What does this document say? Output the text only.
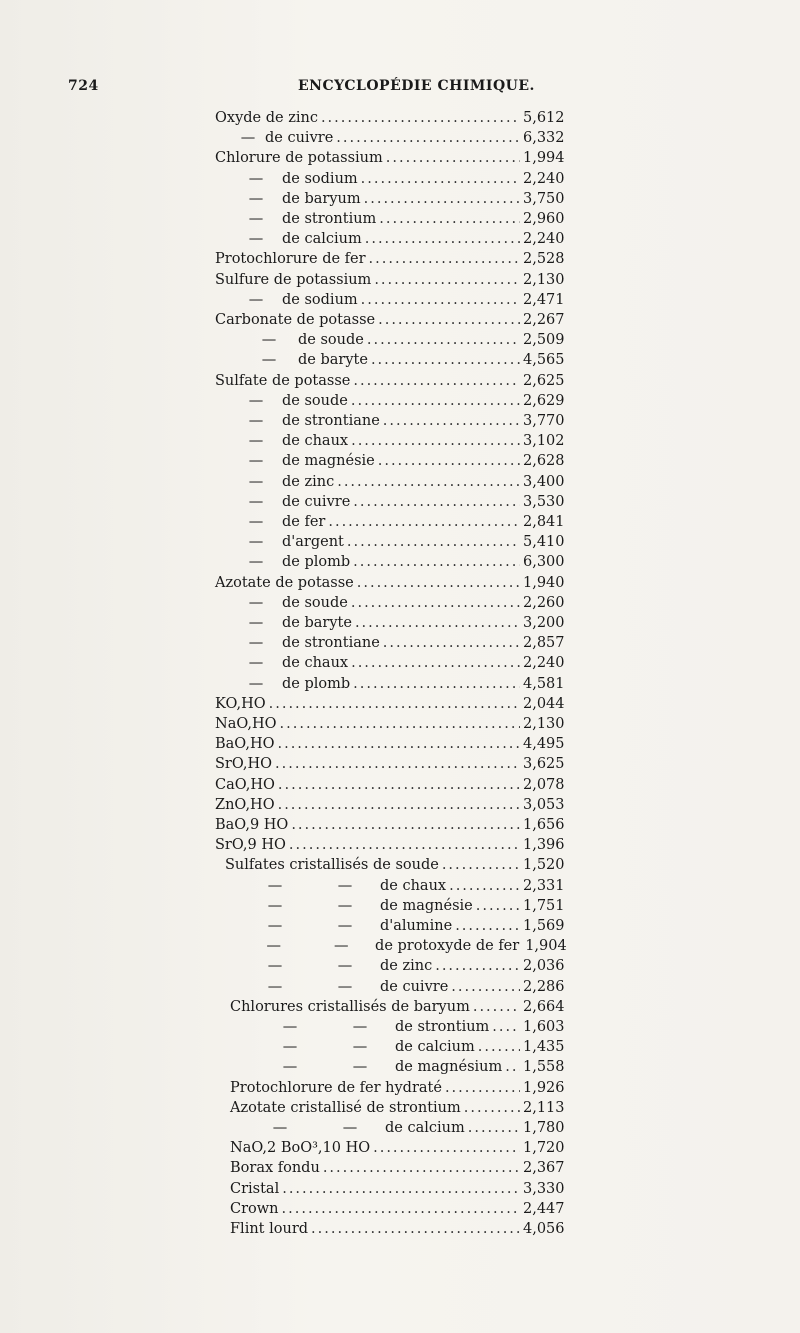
724	ENCYCLOPÉDIE CHIMIQUE.
Oxyde de zinc .....	5,612
— de cuivre .....	6,332
Chlorure de potassium .....	1,994
—	de sodium .....	2,240
—	de baryum .....	3,750
—	de strontium .....	2,960
—	de calcium .....	2,240
Protochlorure de fer .....	2,528
Sulfure de potassium .....	2,130
—	de sodium .....	2,471
Carbonate de potasse .....	2,267
—	de soude .....	2,509
—	de baryte .....	4,565
Sulfate de potasse .....	2,625
—	de soude .....	2,629
—	de strontiane .....	3,770
—	de chaux .....	3,102
—	de magnésie .....	2,628
—	de zinc .....	3,400
—	de cuivre .....	3,530
—	de fer .....	2,841
—	d'argent .....	5,410
—	de plomb .....	6,300
Azotate de potasse .....	1,940
—	de soude .....	2,260
—	de baryte .....	3,200
—	de strontiane .....	2,857
—	de chaux .....	2,240
—	de plomb .....	4,581
KO,HO .....	2,044
NaO,HO .....	2,130
BaO,HO .....	4,495
SrO,HO .....	3,625
CaO,HO .....	2,078
ZnO,HO .....	3,053
BaO,9 HO .....	1,656
SrO,9 HO .....	1,396
Sulfates cristallisés de soude .....	1,520
—	—	de chaux .....	2,331
—	—	de magnésie .....	1,751
—	—	d'alumine .....	1,569
—	—	de protoxyde de fer 1,904
—	—	de zinc .....	2,036
—	—	de cuivre .....	2,286
Chlorures cristallisés de baryum .....	2,664
—	—	de strontium ..... 1,603
—	—	de calcium .....	1,435
—	—	de magnésium ..... 1,558
Protochlorure de fer hydraté .....	1,926
Azotate cristallisé de strontium .....	2,113
—	—	de calcium .....	1,780
NaO,2 BoO³,10 HO .....	1,720
Borax fondu .....	2,367
Cristal .....	3,330
Crown .....	2,447
Flint lourd .....	4,056
